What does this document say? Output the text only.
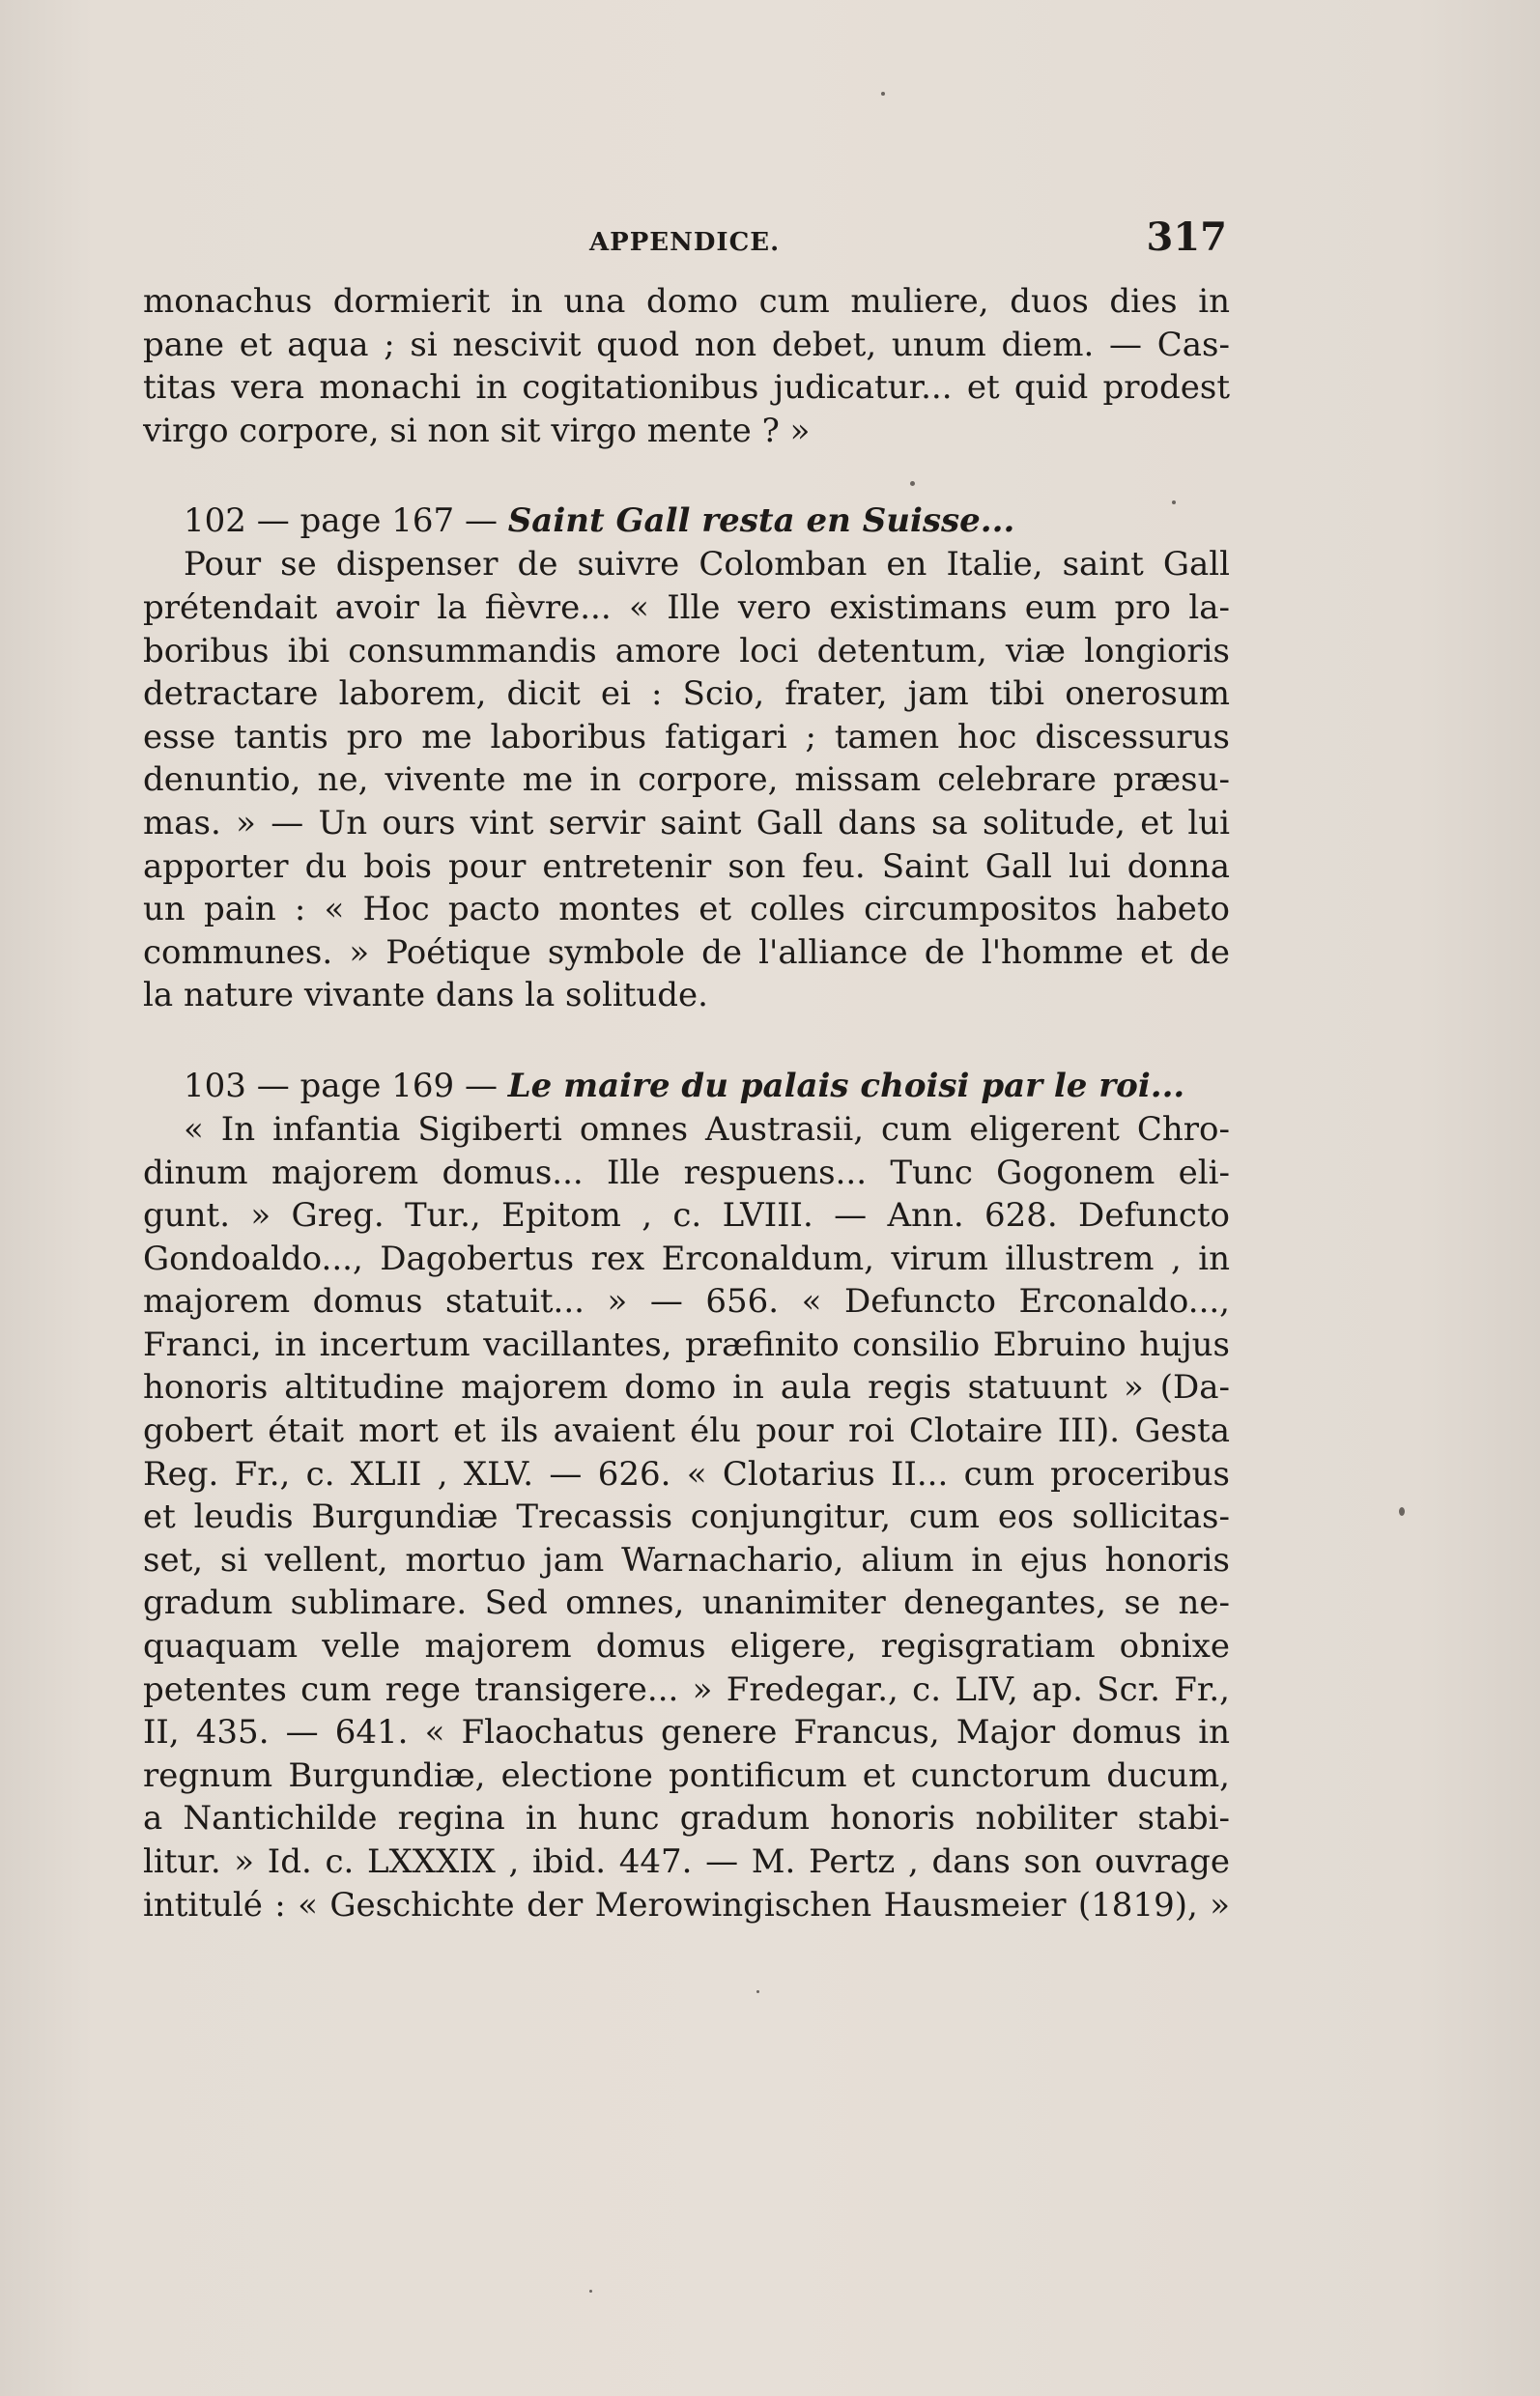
APPENDICE.	317
monachus dormierit in una domo cum muliere, duos dies in
pane et aqua ; si nescivit quod non debet, unum diem. — Cas-
titas vera monachi in cogitationibus judicatur... et quid prodest
virgo corpore, si non sit virgo mente ? »
102 — page 167 — Saint Gall resta en Suisse...
Pour se dispenser de suivre Colomban en Italie, saint Gall
prétendait avoir la fièvre... « Ille vero existimans eum pro la-
boribus ibi consummandis amore loci detentum, viæ longioris
detractare laborem, dicit ei : Scio, frater, jam tibi onerosum
esse tantis pro me laboribus fatigari ; tamen hoc discessurus
denuntio, ne, vivente me in corpore, missam celebrare præsu-
mas. » — Un ours vint servir saint Gall dans sa solitude, et lui
apporter du bois pour entretenir son feu. Saint Gall lui donna
un pain : « Hoc pacto montes et colles circumpositos habeto
communes. » Poétique symbole de l'alliance de l'homme et de
la nature vivante dans la solitude.
103 — page 169 — Le maire du palais choisi par le roi...
« In infantia Sigiberti omnes Austrasii, cum eligerent Chro-
dinum majorem domus... Ille respuens... Tunc Gogonem eli-
gunt. » Greg. Tur., Epitom , c. LVIII. — Ann. 628. Defuncto
Gondoaldo..., Dagobertus rex Erconaldum, virum illustrem , in
majorem domus statuit... » — 656. « Defuncto Erconaldo...,
Franci, in incertum vacillantes, præfinito consilio Ebruino hujus
honoris altitudine majorem domo in aula regis statuunt » (Da-
gobert était mort et ils avaient élu pour roi Clotaire III). Gesta
Reg. Fr., c. XLII , XLV. — 626. « Clotarius II... cum proceribus
et leudis Burgundiæ Trecassis conjungitur, cum eos sollicitas-
set, si vellent, mortuo jam Warnachario, alium in ejus honoris
gradum sublimare. Sed omnes, unanimiter denegantes, se ne-
quaquam velle majorem domus eligere, regisgratiam obnixe
petentes cum rege transigere... » Fredegar., c. LIV, ap. Scr. Fr.,
II, 435. — 641. « Flaochatus genere Francus, Major domus in
regnum Burgundiæ, electione pontificum et cunctorum ducum,
a Nantichilde regina in hunc gradum honoris nobiliter stabi-
litur. » Id. c. LXXXIX , ibid. 447. — M. Pertz , dans son ouvrage
intitulé : « Geschichte der Merowingischen Hausmeier (1819), »
